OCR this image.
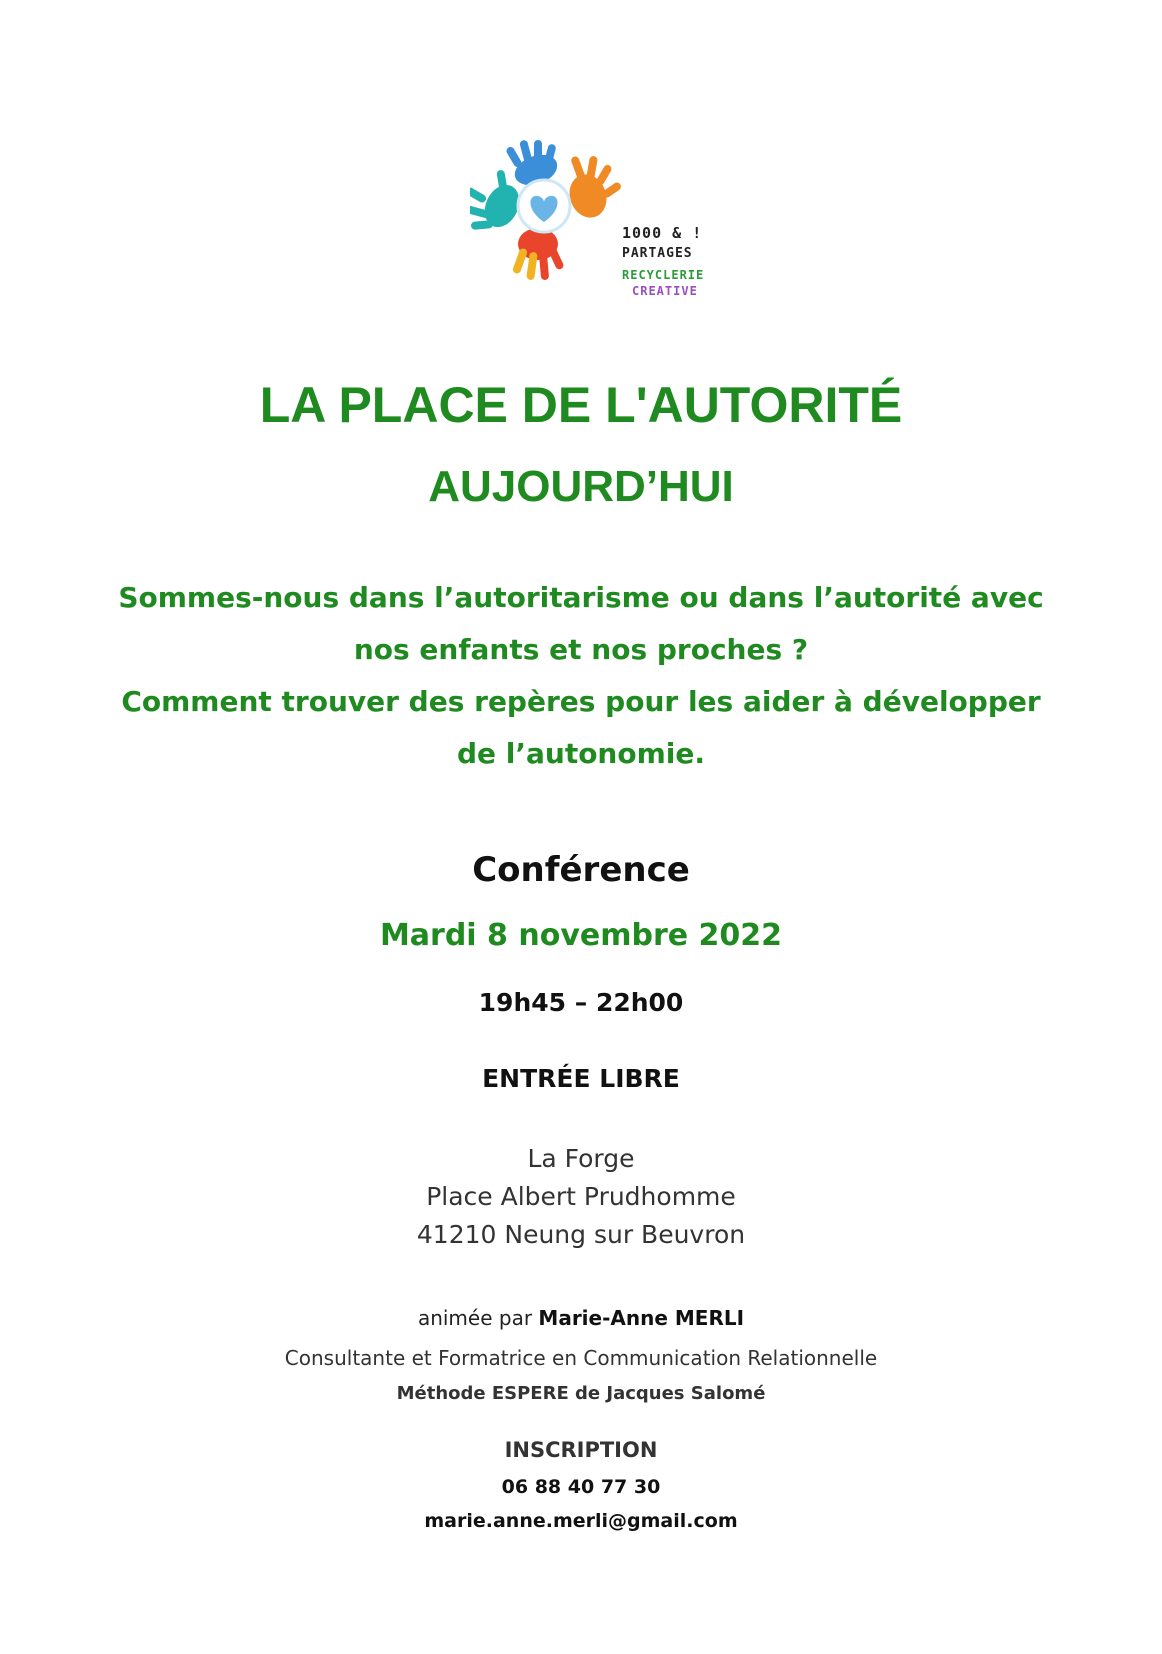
1000 & !
PARTAGES
RECYCLERIE
CREATIVE
LA PLACE DE L'AUTORITÉ
AUJOURD’HUI
Sommes-nous dans l’autoritarisme ou dans l’autorité avec
nos enfants et nos proches ?
Comment trouver des repères pour les aider à développer
de l’autonomie.
Conférence
Mardi 8 novembre 2022
19h45 – 22h00
ENTRÉE LIBRE
La Forge
Place Albert Prudhomme
41210 Neung sur Beuvron
animée par Marie-Anne MERLI
Consultante et Formatrice en Communication Relationnelle
Méthode ESPERE de Jacques Salomé
INSCRIPTION
06 88 40 77 30
marie.anne.merli@gmail.com
